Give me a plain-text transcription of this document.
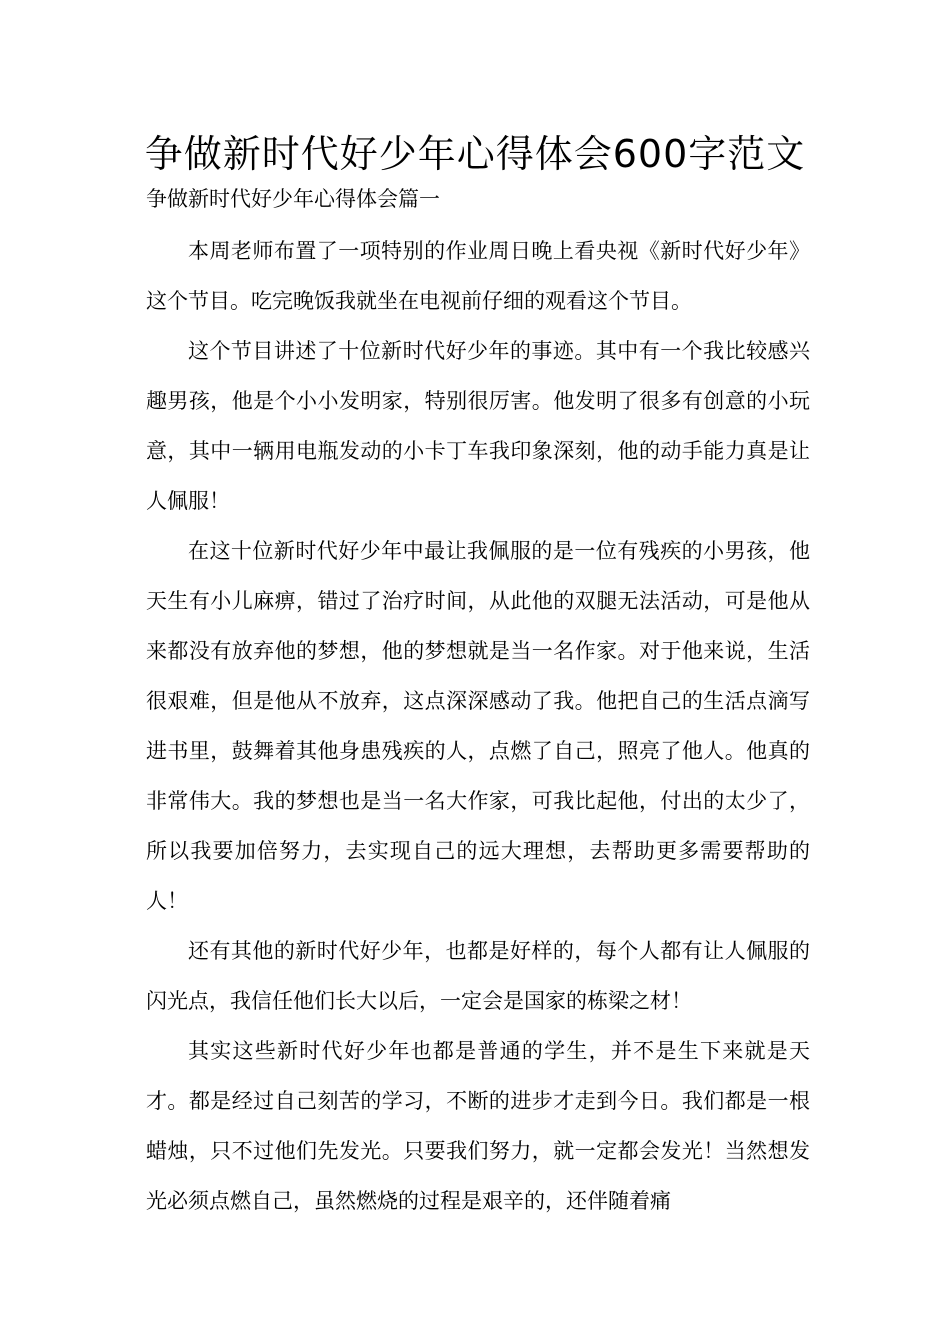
争做新时代好少年心得体会600字范文
争做新时代好少年心得体会篇一

本周老师布置了一项特别的作业周日晚上看央视《新时代好少年》这个节目。吃完晚饭我就坐在电视前仔细的观看这个节目。

这个节目讲述了十位新时代好少年的事迹。其中有一个我比较感兴趣男孩，他是个小小发明家，特别很厉害。他发明了很多有创意的小玩意，其中一辆用电瓶发动的小卡丁车我印象深刻，他的动手能力真是让人佩服！

在这十位新时代好少年中最让我佩服的是一位有残疾的小男孩，他天生有小儿麻痹，错过了治疗时间，从此他的双腿无法活动，可是他从来都没有放弃他的梦想，他的梦想就是当一名作家。对于他来说，生活很艰难，但是他从不放弃，这点深深感动了我。他把自己的生活点滴写进书里，鼓舞着其他身患残疾的人，点燃了自己，照亮了他人。他真的非常伟大。我的梦想也是当一名大作家，可我比起他，付出的太少了，所以我要加倍努力，去实现自己的远大理想，去帮助更多需要帮助的人！

还有其他的新时代好少年，也都是好样的，每个人都有让人佩服的闪光点，我信任他们长大以后，一定会是国家的栋梁之材！

其实这些新时代好少年也都是普通的学生，并不是生下来就是天才。都是经过自己刻苦的学习，不断的进步才走到今日。我们都是一根蜡烛，只不过他们先发光。只要我们努力，就一定都会发光！当然想发光必须点燃自己，虽然燃烧的过程是艰辛的，还伴随着痛
